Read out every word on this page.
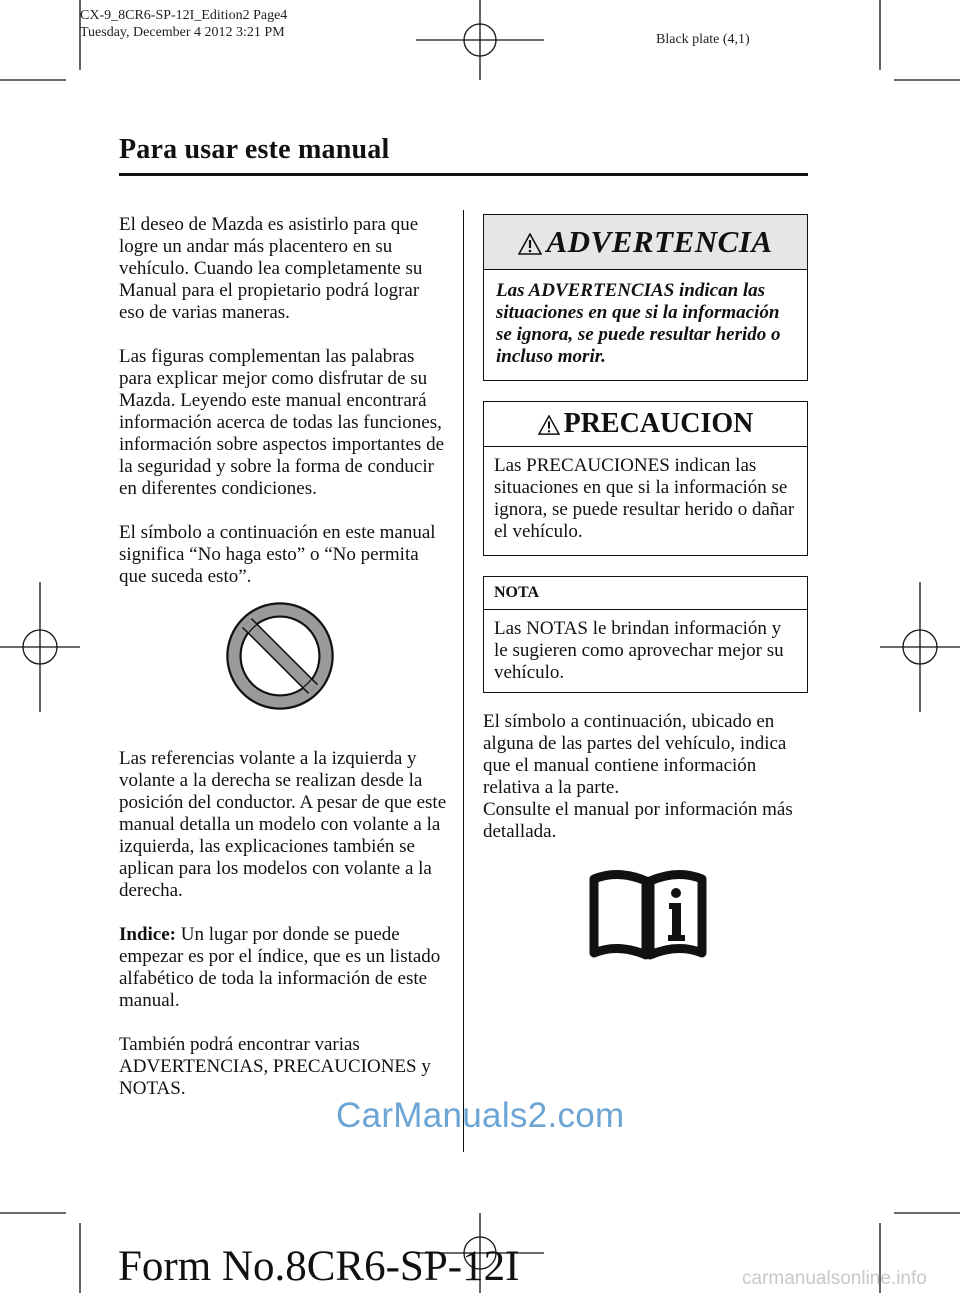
CX-9_8CR6-SP-12I_Edition2 Page4
Tuesday, December 4 2012 3:21 PM	Black plate (4,1)
Para usar este manual

El deseo de Mazda es asistirlo para que logre un andar más placentero en su vehículo. Cuando lea completamente su Manual para el propietario podrá lograr eso de varias maneras.

Las figuras complementan las palabras para explicar mejor como disfrutar de su Mazda. Leyendo este manual encontrará información acerca de todas las funciones, información sobre aspectos importantes de la seguridad y sobre la forma de conducir en diferentes condiciones.

El símbolo a continuación en este manual significa “No haga esto” o “No permita que suceda esto”.

Las referencias volante a la izquierda y volante a la derecha se realizan desde la posición del conductor. A pesar de que este manual detalla un modelo con volante a la izquierda, las explicaciones también se aplican para los modelos con volante a la derecha.

Indice: Un lugar por donde se puede empezar es por el índice, que es un listado alfabético de toda la información de este manual.

También podrá encontrar varias ADVERTENCIAS, PRECAUCIONES y NOTAS.

ADVERTENCIA
Las ADVERTENCIAS indican las situaciones en que si la información se ignora, se puede resultar herido o incluso morir.
PRECAUCION
Las PRECAUCIONES indican las situaciones en que si la información se ignora, se puede resultar herido o dañar el vehículo.
NOTA
Las NOTAS le brindan información y le sugieren como aprovechar mejor su vehículo.

El símbolo a continuación, ubicado en alguna de las partes del vehículo, indica que el manual contiene información relativa a la parte.
Consulte el manual por información más detallada.

CarManuals2.com
Form No.8CR6-SP-12I	carmanualsonline.info
